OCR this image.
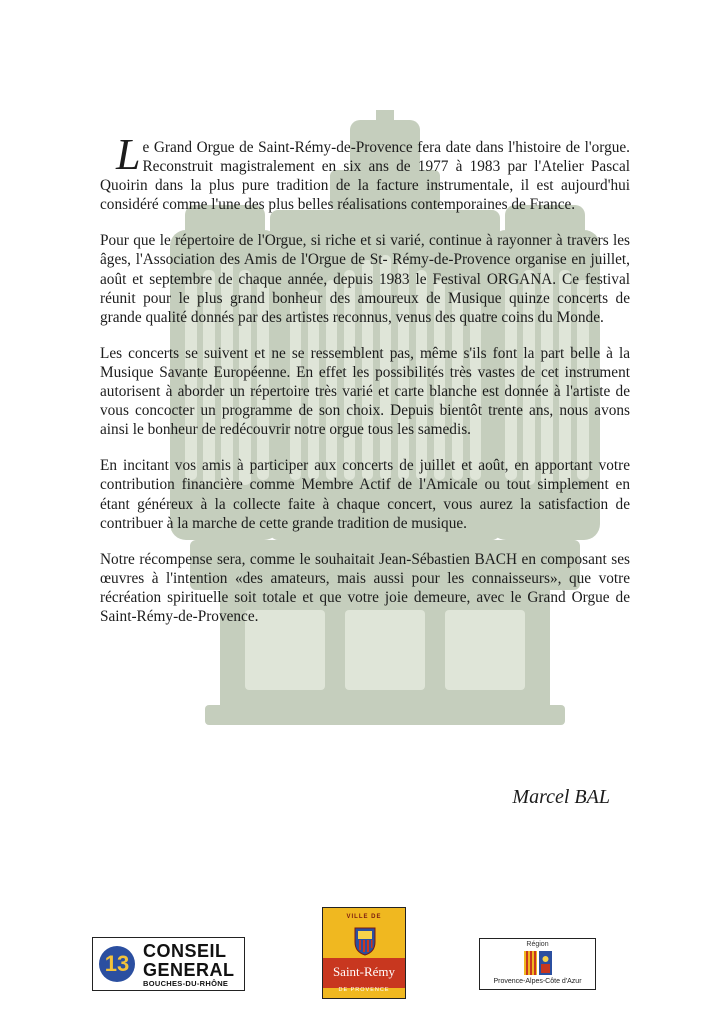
Le Grand Orgue de Saint-Rémy-de-Provence fera date dans l'histoire de l'orgue. Reconstruit magistralement en six ans de 1977 à 1983 par l'Atelier Pascal Quoirin dans la plus pure tradition de la facture instrumentale, il est aujourd'hui considéré comme l'une des plus belles réalisations contemporaines de France.

Pour que le répertoire de l'Orgue, si riche et si varié, continue à rayonner à travers les âges, l'Association des Amis de l'Orgue de St- Rémy-de-Provence organise en juillet, août et septembre de chaque année, depuis 1983 le Festival ORGANA. Ce festival réunit pour le plus grand bonheur des amoureux de Musique quinze concerts de grande qualité donnés par des artistes reconnus, venus des quatre coins du Monde.

Les concerts se suivent et ne se ressemblent pas, même s'ils font la part belle à la Musique Savante Européenne. En effet les possibilités très vastes de cet instrument autorisent à aborder un répertoire très varié et carte blanche est donnée à l'artiste de vous concocter un programme de son choix. Depuis bientôt trente ans, nous avons ainsi le bonheur de redécouvrir notre orgue tous les samedis.

En incitant vos amis à participer aux concerts de juillet et août, en apportant votre contribution financière comme Membre Actif de l'Amicale ou tout simplement en étant généreux à la collecte faite à chaque concert, vous aurez la satisfaction de contribuer à la marche de cette grande tradition de musique.

Notre récompense sera, comme le souhaitait Jean-Sébastien BACH en composant ses œuvres à l'intention «des amateurs, mais aussi pour les connaisseurs», que votre récréation spirituelle soit totale et que votre joie demeure, avec le Grand Orgue de Saint-Rémy-de-Provence.

Marcel BAL
13 CONSEIL
GENERAL
BOUCHES-DU-RHÔNE
VILLE DE
Saint-Rémy
DE PROVENCE
Région
Provence-Alpes-Côte d'Azur
